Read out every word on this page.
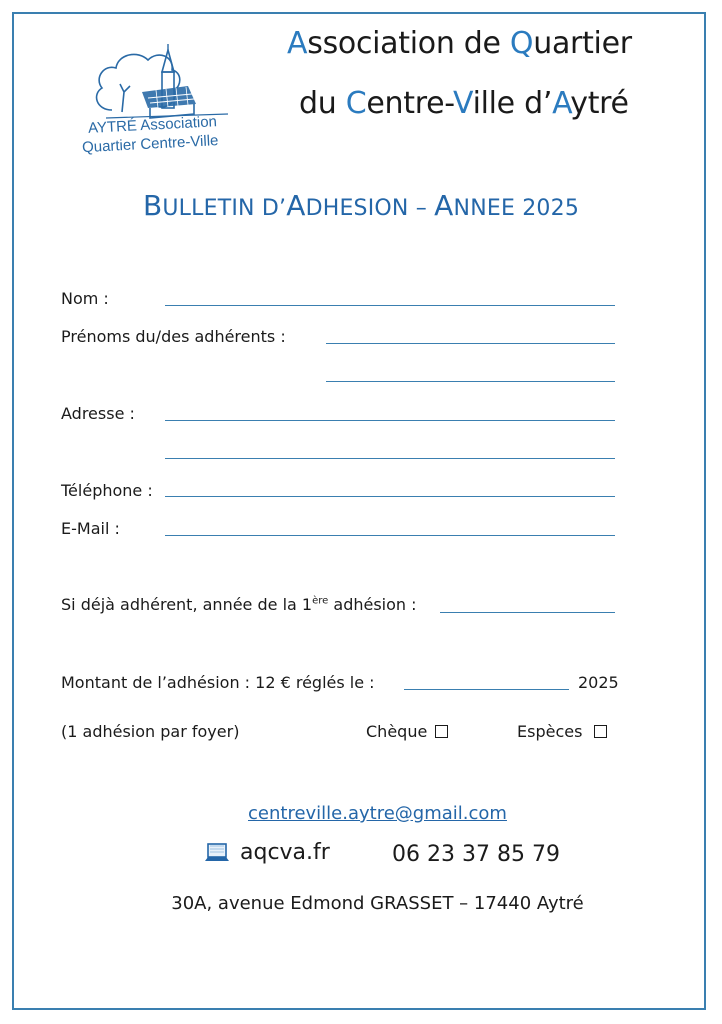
AYTRÉ Association
Quartier Centre-Ville
Association de Quartier
du Centre-Ville d’Aytré
BULLETIN D’ADHESION – ANNEE 2025
Nom :
Prénoms du/des adhérents :
Adresse :
Téléphone :
E-Mail :
Si déjà adhérent, année de la 1ère adhésion :
Montant de l’adhésion : 12 € réglés le :	2025
(1 adhésion par foyer)	Chèque	Espèces
centreville.aytre@gmail.com
aqcva.fr	06 23 37 85 79
30A, avenue Edmond GRASSET – 17440 Aytré
